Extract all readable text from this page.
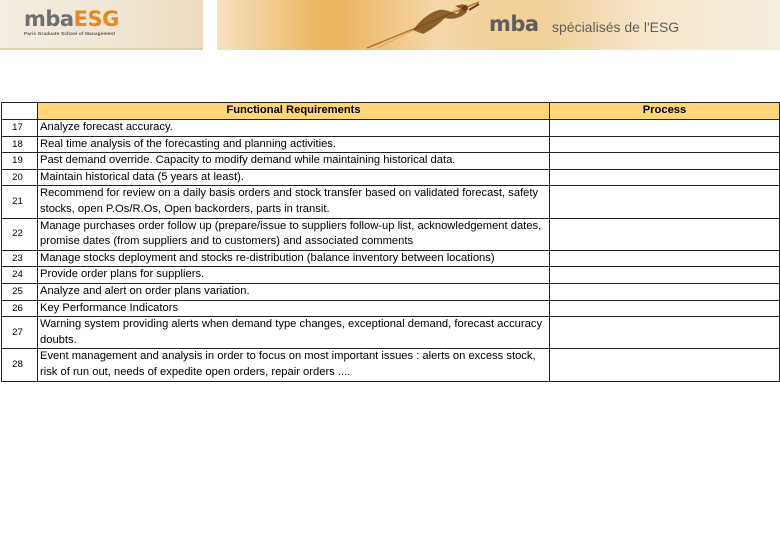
mbaESG
Paris Graduate School of Management	mba spécialisés de l'ESG
	Functional Requirements	Process
17	Analyze forecast accuracy.	
18	Real time analysis of the forecasting and planning activities.	
19	Past demand override. Capacity to modify demand while maintaining historical data.	
20	Maintain historical data (5 years at least).	
21	Recommend for review on a daily basis orders and stock transfer based on validated forecast, safety stocks, open P.Os/R.Os, Open backorders, parts in transit.	
22	Manage purchases order follow up (prepare/issue to suppliers follow-up list, acknowledgement dates, promise dates (from suppliers and to customers) and associated comments	
23	Manage stocks deployment and stocks re-distribution (balance inventory between locations)	
24	Provide order plans for suppliers.	
25	Analyze and alert on order plans variation.	
26	Key Performance Indicators	
27	Warning system providing alerts when demand type changes, exceptional demand, forecast accuracy doubts.	
28	Event management and analysis in order to focus on most important issues : alerts on excess stock, risk of run out, needs of expedite open orders, repair orders ....	
